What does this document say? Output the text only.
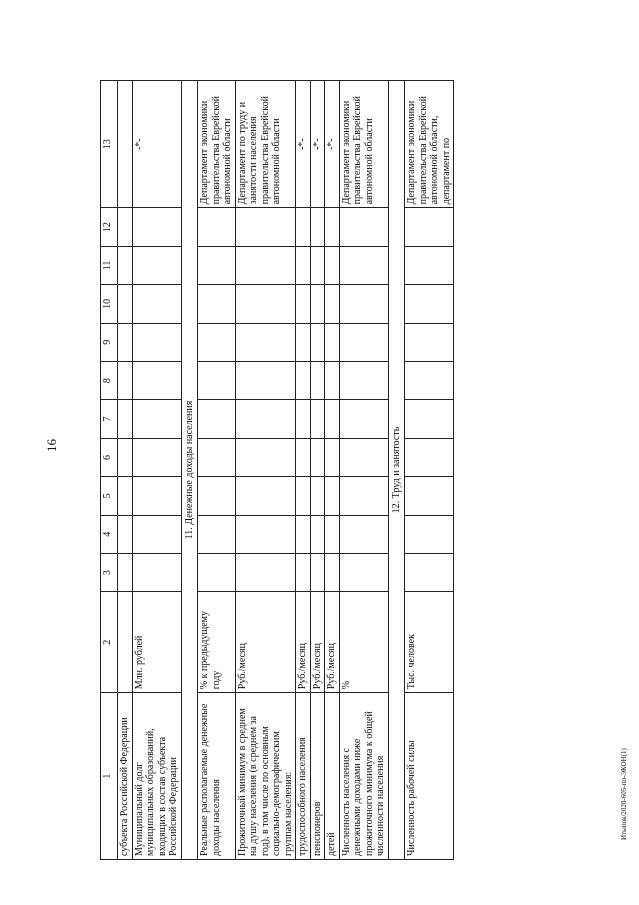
16
1	2	3	4	5	6	7	8	9	10	11	12	13
субъекта Российской Федерации												
Муниципальный долг муниципальных образований, входящих в состав субъекта Российской Федерации	Млн. рублей											-*-
11. Денежные доходы населения												
Реальные располагаемые денежные доходы населения	% к предыдущему году											Департамент экономики правительства Еврейской автономной области
Прожиточный минимум в среднем на душу населения (в среднем за год), в том числе по основным социально-демографическим группам населения:	Руб./месяц											Департамент по труду и занятости населения правительства Еврейской автономной области
трудоспособного населения	Руб./месяц											-*-
пенсионеров	Руб./месяц											-*-
детей	Руб./месяц											-*-
Численность населения с денежными доходами ниже прожиточного минимума к общей численности населения	%											Департамент экономики правительства Еврейской автономной области
12. Труд и занятость												
Численность рабочей силы	Тыс. человек											Департамент экономики правительства Еврейской автономной области, департамент по
Итыпок/2020-605-пп-ЭКОН(1)
